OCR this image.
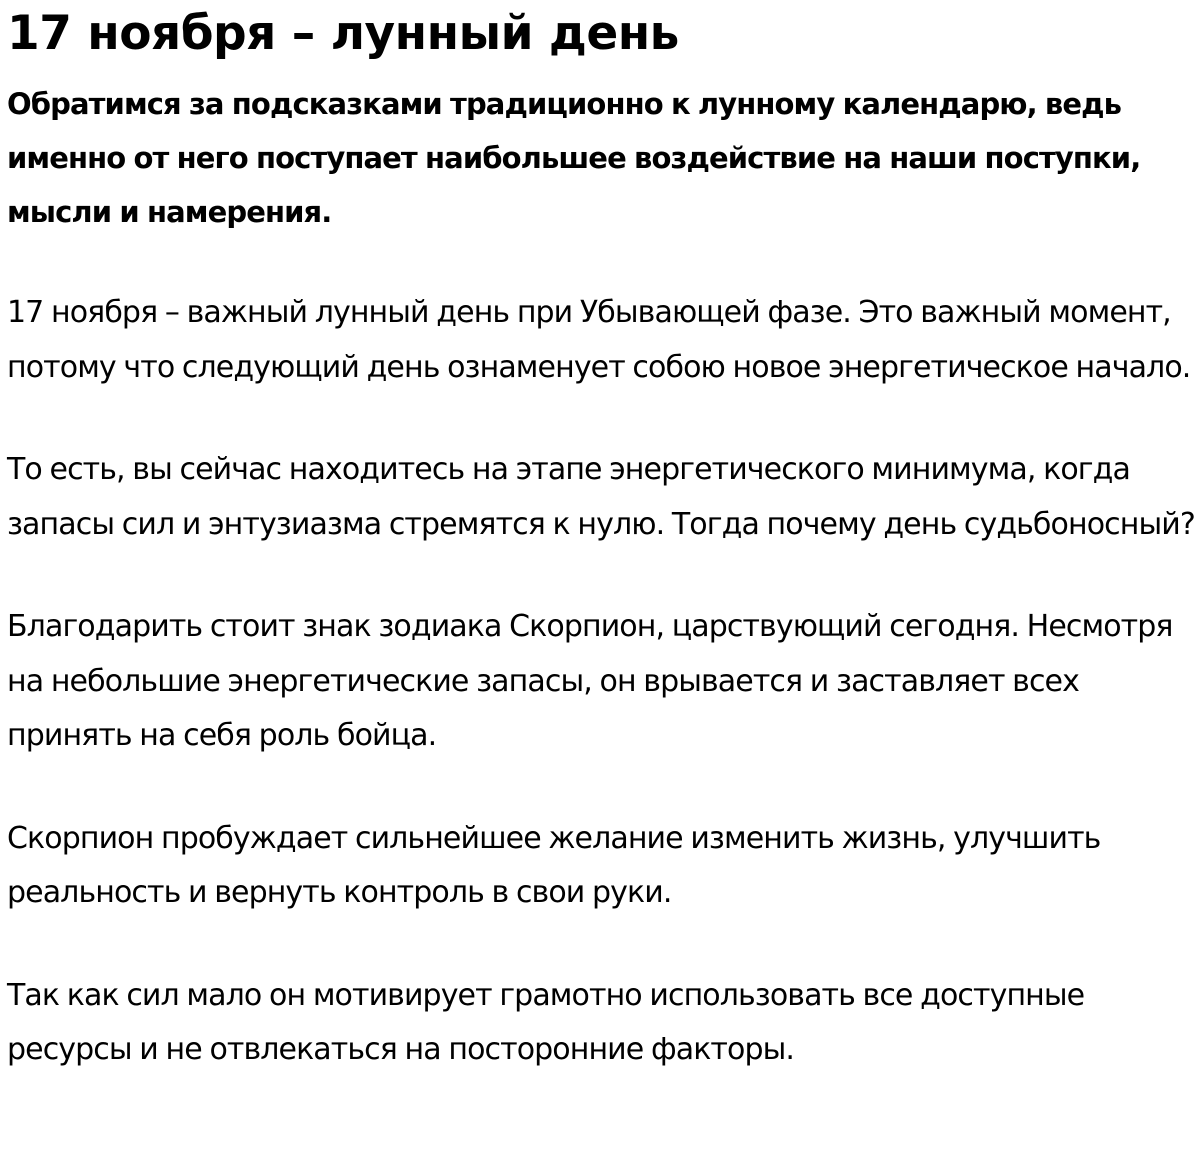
17 ноября – лунный день

Обратимся за подсказками традиционно к лунному календарю, ведь именно от него поступает наибольшее воздействие на наши поступки, мысли и намерения.

17 ноября – важный лунный день при Убывающей фазе. Это важный момент, потому что следующий день ознаменует собою новое энергетическое начало.

То есть, вы сейчас находитесь на этапе энергетического минимума, когда запасы сил и энтузиазма стремятся к нулю. Тогда почему день судьбоносный?

Благодарить стоит знак зодиака Скорпион, царствующий сегодня. Несмотря на небольшие энергетические запасы, он врывается и заставляет всех принять на себя роль бойца.

Скорпион пробуждает сильнейшее желание изменить жизнь, улучшить реальность и вернуть контроль в свои руки.

Так как сил мало он мотивирует грамотно использовать все доступные ресурсы и не отвлекаться на посторонние факторы.
